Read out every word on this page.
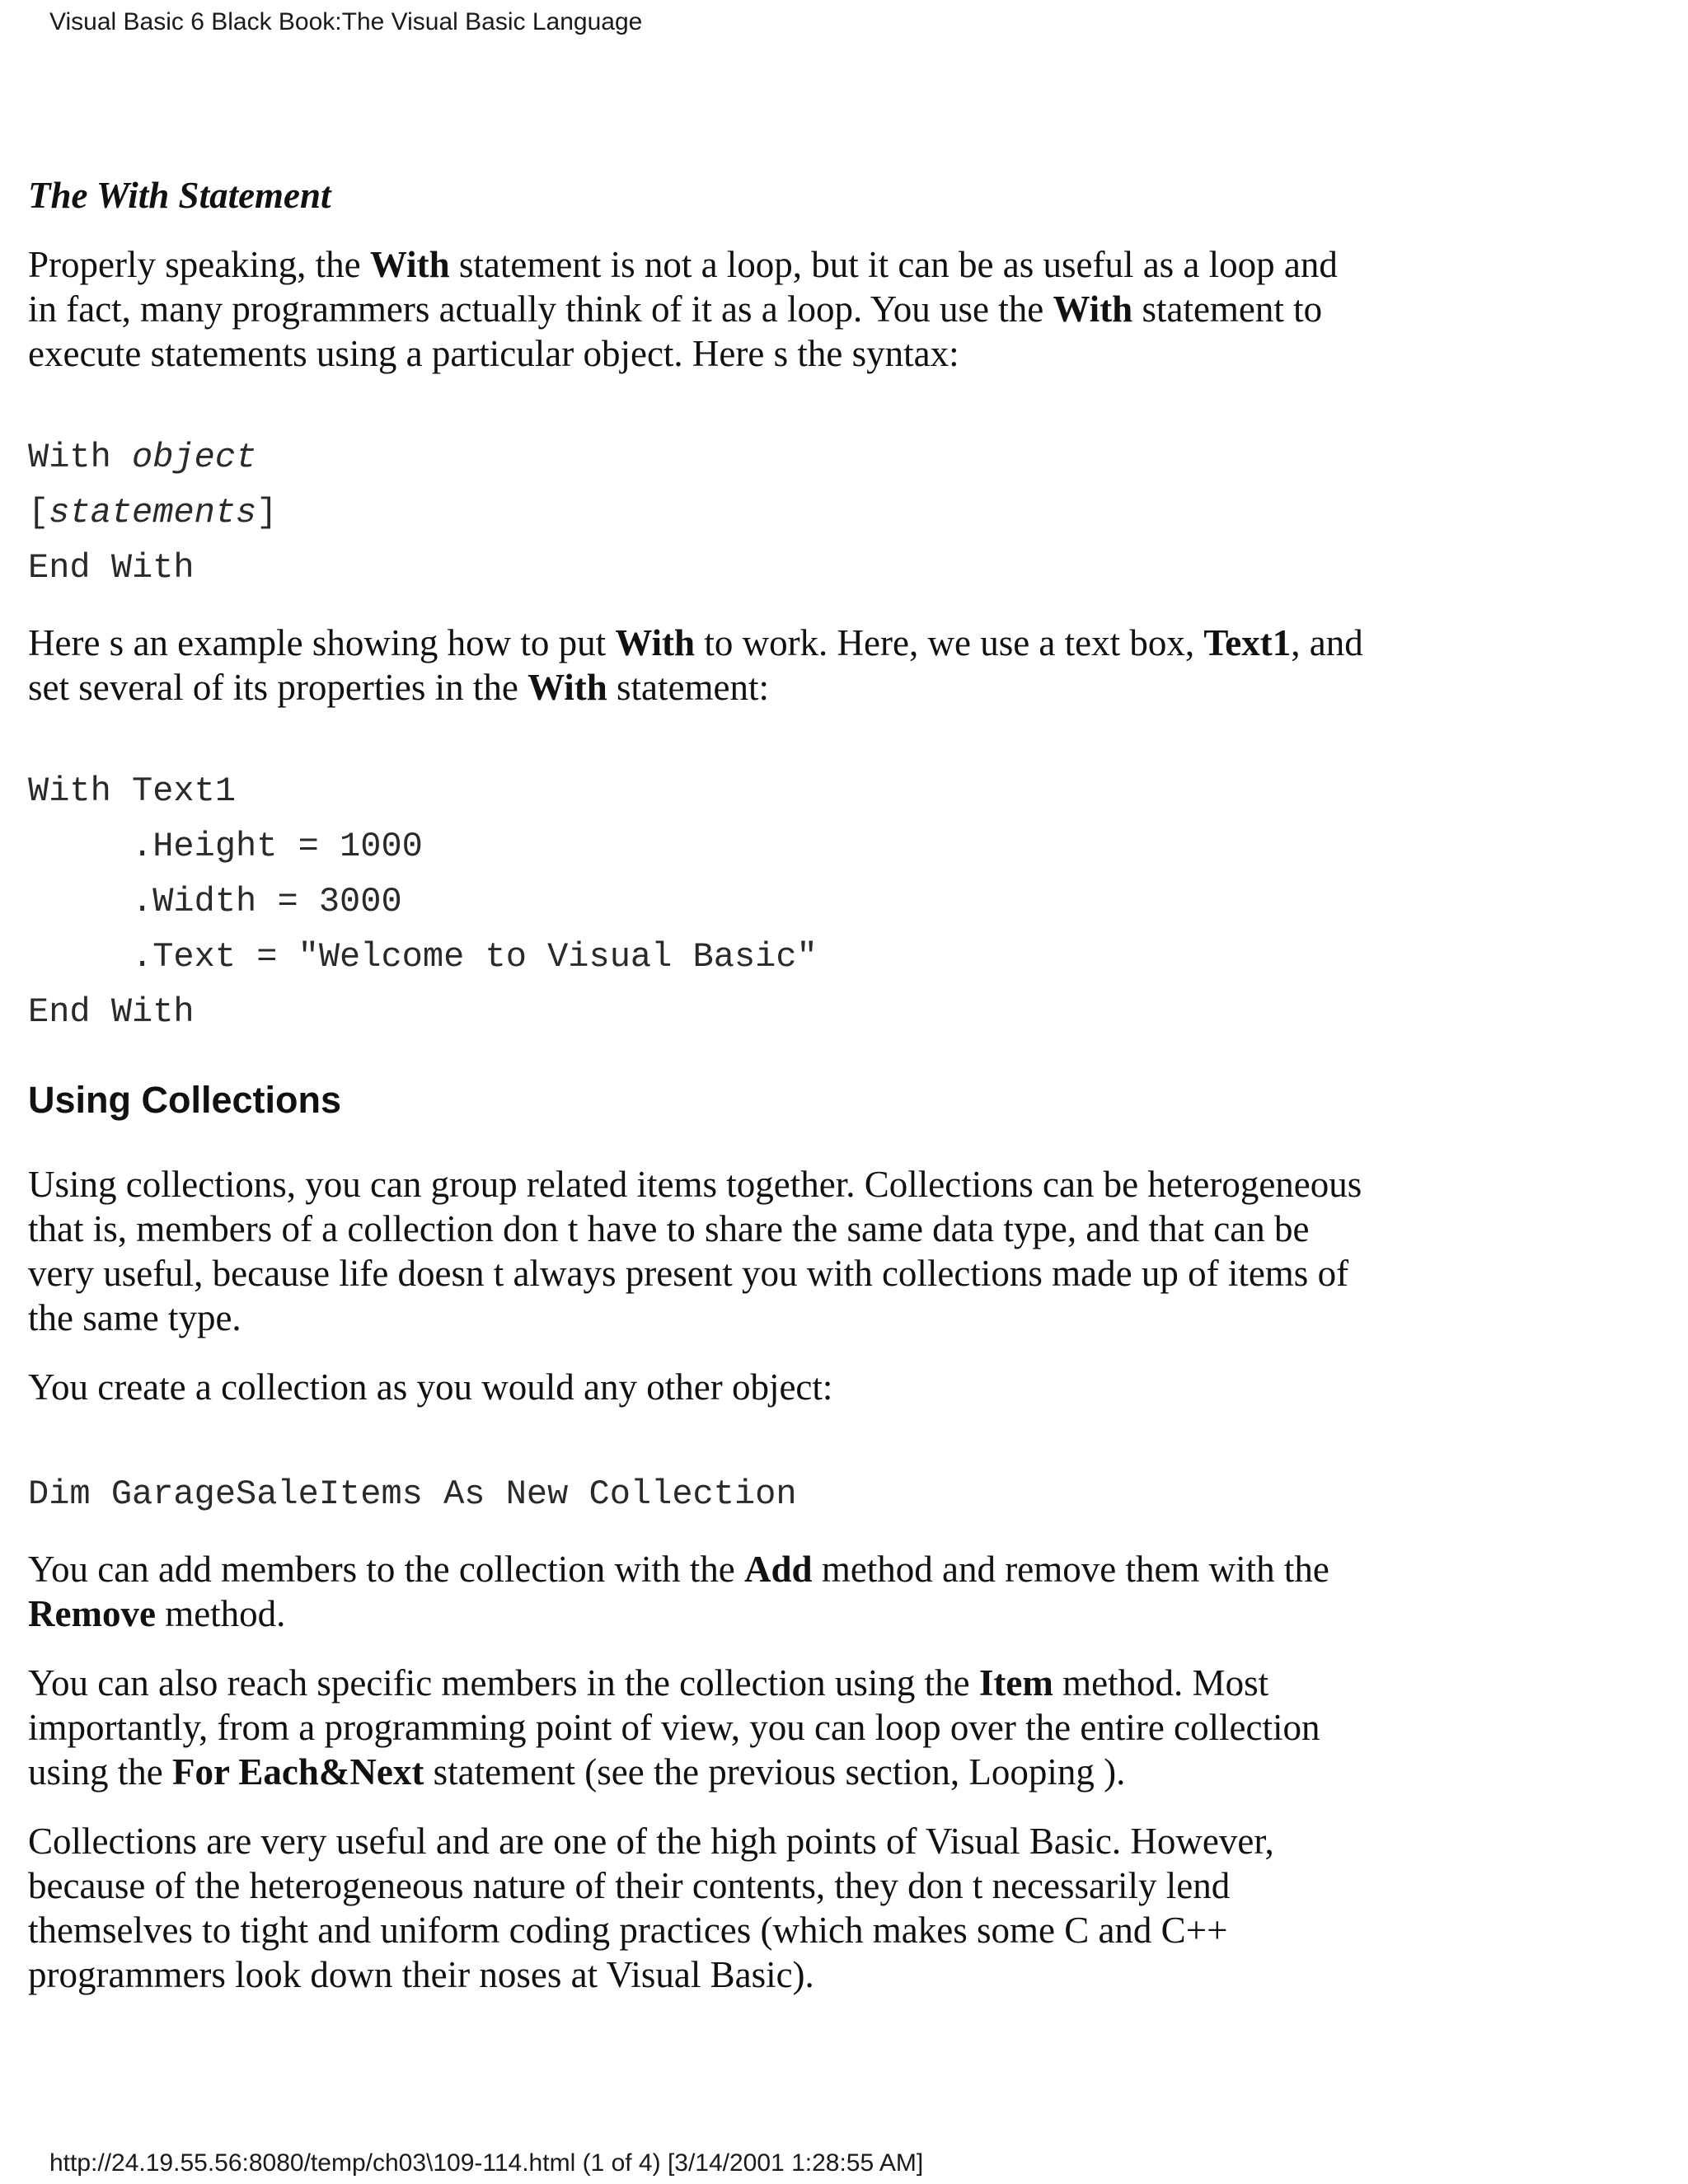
Visual Basic 6 Black Book:The Visual Basic Language
The With Statement

Properly speaking, the With statement is not a loop, but it can be as useful as a loop and in fact, many programmers actually think of it as a loop. You use the With statement to execute statements using a particular object. Here s the syntax:

With object
[statements]
End With

Here s an example showing how to put With to work. Here, we use a text box, Text1, and set several of its properties in the With statement:

With Text1
.Height = 1000
.Width = 3000
.Text = "Welcome to Visual Basic"
End With
Using Collections

Using collections, you can group related items together. Collections can be heterogeneous that is, members of a collection don t have to share the same data type, and that can be very useful, because life doesn t always present you with collections made up of items of the same type.

You create a collection as you would any other object:

Dim GarageSaleItems As New Collection

You can add members to the collection with the Add method and remove them with the Remove method.

You can also reach specific members in the collection using the Item method. Most importantly, from a programming point of view, you can loop over the entire collection using the For Each&Next statement (see the previous section, Looping ).

Collections are very useful and are one of the high points of Visual Basic. However, because of the heterogeneous nature of their contents, they don t necessarily lend themselves to tight and uniform coding practices (which makes some C and C++ programmers look down their noses at Visual Basic).

http://24.19.55.56:8080/temp/ch03\109-114.html (1 of 4) [3/14/2001 1:28:55 AM]
